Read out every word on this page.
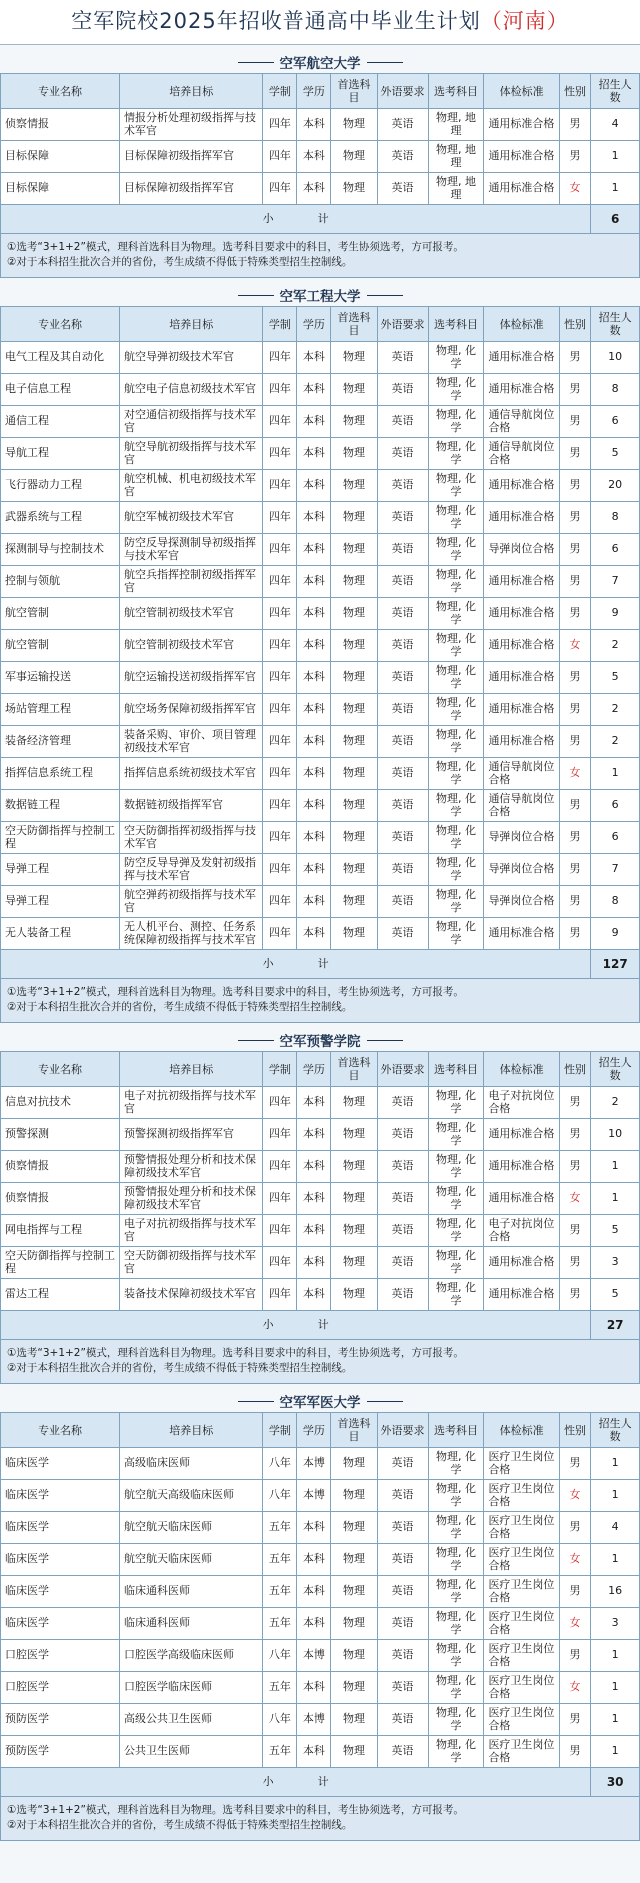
空军院校2025年招收普通高中毕业生计划（河南）
空军航空大学
专业名称	培养目标	学制	学历	首选科目	外语要求	选考科目	体检标准	性别	招生人数
侦察情报	情报分析处理初级指挥与技术军官	四年	本科	物理	英语	物理, 地理	通用标准合格	男	4
目标保障	目标保障初级指挥军官	四年	本科	物理	英语	物理, 地理	通用标准合格	男	1
目标保障	目标保障初级指挥军官	四年	本科	物理	英语	物理, 地理	通用标准合格	女	1
小　　　　计									6
①选考“3+1+2”模式，理科首选科目为物理。选考科目要求中的科目，考生协须选考，方可报考。
②对于本科招生批次合并的省份，考生成绩不得低于特殊类型招生控制线。
空军工程大学
专业名称	培养目标	学制	学历	首选科目	外语要求	选考科目	体检标准	性别	招生人数
电气工程及其自动化	航空导弹初级技术军官	四年	本科	物理	英语	物理, 化学	通用标准合格	男	10
电子信息工程	航空电子信息初级技术军官	四年	本科	物理	英语	物理, 化学	通用标准合格	男	8
通信工程	对空通信初级指挥与技术军官	四年	本科	物理	英语	物理, 化学	通信导航岗位合格	男	6
导航工程	航空导航初级指挥与技术军官	四年	本科	物理	英语	物理, 化学	通信导航岗位合格	男	5
飞行器动力工程	航空机械、机电初级技术军官	四年	本科	物理	英语	物理, 化学	通用标准合格	男	20
武器系统与工程	航空军械初级技术军官	四年	本科	物理	英语	物理, 化学	通用标准合格	男	8
探测制导与控制技术	防空反导探测制导初级指挥与技术军官	四年	本科	物理	英语	物理, 化学	导弹岗位合格	男	6
控制与领航	航空兵指挥控制初级指挥军官	四年	本科	物理	英语	物理, 化学	通用标准合格	男	7
航空管制	航空管制初级技术军官	四年	本科	物理	英语	物理, 化学	通用标准合格	男	9
航空管制	航空管制初级技术军官	四年	本科	物理	英语	物理, 化学	通用标准合格	女	2
军事运输投送	航空运输投送初级指挥军官	四年	本科	物理	英语	物理, 化学	通用标准合格	男	5
场站管理工程	航空场务保障初级指挥军官	四年	本科	物理	英语	物理, 化学	通用标准合格	男	2
装备经济管理	装备采购、审价、项目管理初级技术军官	四年	本科	物理	英语	物理, 化学	通用标准合格	男	2
指挥信息系统工程	指挥信息系统初级技术军官	四年	本科	物理	英语	物理, 化学	通信导航岗位合格	女	1
数据链工程	数据链初级指挥军官	四年	本科	物理	英语	物理, 化学	通信导航岗位合格	男	6
空天防御指挥与控制工程	空天防御指挥初级指挥与技术军官	四年	本科	物理	英语	物理, 化学	导弹岗位合格	男	6
导弹工程	防空反导导弹及发射初级指挥与技术军官	四年	本科	物理	英语	物理, 化学	导弹岗位合格	男	7
导弹工程	航空弹药初级指挥与技术军官	四年	本科	物理	英语	物理, 化学	导弹岗位合格	男	8
无人装备工程	无人机平台、测控、任务系统保障初级指挥与技术军官	四年	本科	物理	英语	物理, 化学	通用标准合格	男	9
小　　　　计									127
①选考“3+1+2”模式，理科首选科目为物理。选考科目要求中的科目，考生协须选考，方可报考。
②对于本科招生批次合并的省份，考生成绩不得低于特殊类型招生控制线。
空军预警学院
专业名称	培养目标	学制	学历	首选科目	外语要求	选考科目	体检标准	性别	招生人数
信息对抗技术	电子对抗初级指挥与技术军官	四年	本科	物理	英语	物理, 化学	电子对抗岗位合格	男	2
预警探测	预警探测初级指挥军官	四年	本科	物理	英语	物理, 化学	通用标准合格	男	10
侦察情报	预警情报处理分析和技术保障初级技术军官	四年	本科	物理	英语	物理, 化学	通用标准合格	男	1
侦察情报	预警情报处理分析和技术保障初级技术军官	四年	本科	物理	英语	物理, 化学	通用标准合格	女	1
网电指挥与工程	电子对抗初级指挥与技术军官	四年	本科	物理	英语	物理, 化学	电子对抗岗位合格	男	5
空天防御指挥与控制工程	空天防御初级指挥与技术军官	四年	本科	物理	英语	物理, 化学	通用标准合格	男	3
雷达工程	装备技术保障初级技术军官	四年	本科	物理	英语	物理, 化学	通用标准合格	男	5
小　　　　计									27
①选考“3+1+2”模式，理科首选科目为物理。选考科目要求中的科目，考生协须选考，方可报考。
②对于本科招生批次合并的省份，考生成绩不得低于特殊类型招生控制线。
空军军医大学
专业名称	培养目标	学制	学历	首选科目	外语要求	选考科目	体检标准	性别	招生人数
临床医学	高级临床医师	八年	本博	物理	英语	物理, 化学	医疗卫生岗位合格	男	1
临床医学	航空航天高级临床医师	八年	本博	物理	英语	物理, 化学	医疗卫生岗位合格	女	1
临床医学	航空航天临床医师	五年	本科	物理	英语	物理, 化学	医疗卫生岗位合格	男	4
临床医学	航空航天临床医师	五年	本科	物理	英语	物理, 化学	医疗卫生岗位合格	女	1
临床医学	临床通科医师	五年	本科	物理	英语	物理, 化学	医疗卫生岗位合格	男	16
临床医学	临床通科医师	五年	本科	物理	英语	物理, 化学	医疗卫生岗位合格	女	3
口腔医学	口腔医学高级临床医师	八年	本博	物理	英语	物理, 化学	医疗卫生岗位合格	男	1
口腔医学	口腔医学临床医师	五年	本科	物理	英语	物理, 化学	医疗卫生岗位合格	女	1
预防医学	高级公共卫生医师	八年	本博	物理	英语	物理, 化学	医疗卫生岗位合格	男	1
预防医学	公共卫生医师	五年	本科	物理	英语	物理, 化学	医疗卫生岗位合格	男	1
小　　　　计									30
①选考“3+1+2”模式，理科首选科目为物理。选考科目要求中的科目，考生协须选考，方可报考。
②对于本科招生批次合并的省份，考生成绩不得低于特殊类型招生控制线。
